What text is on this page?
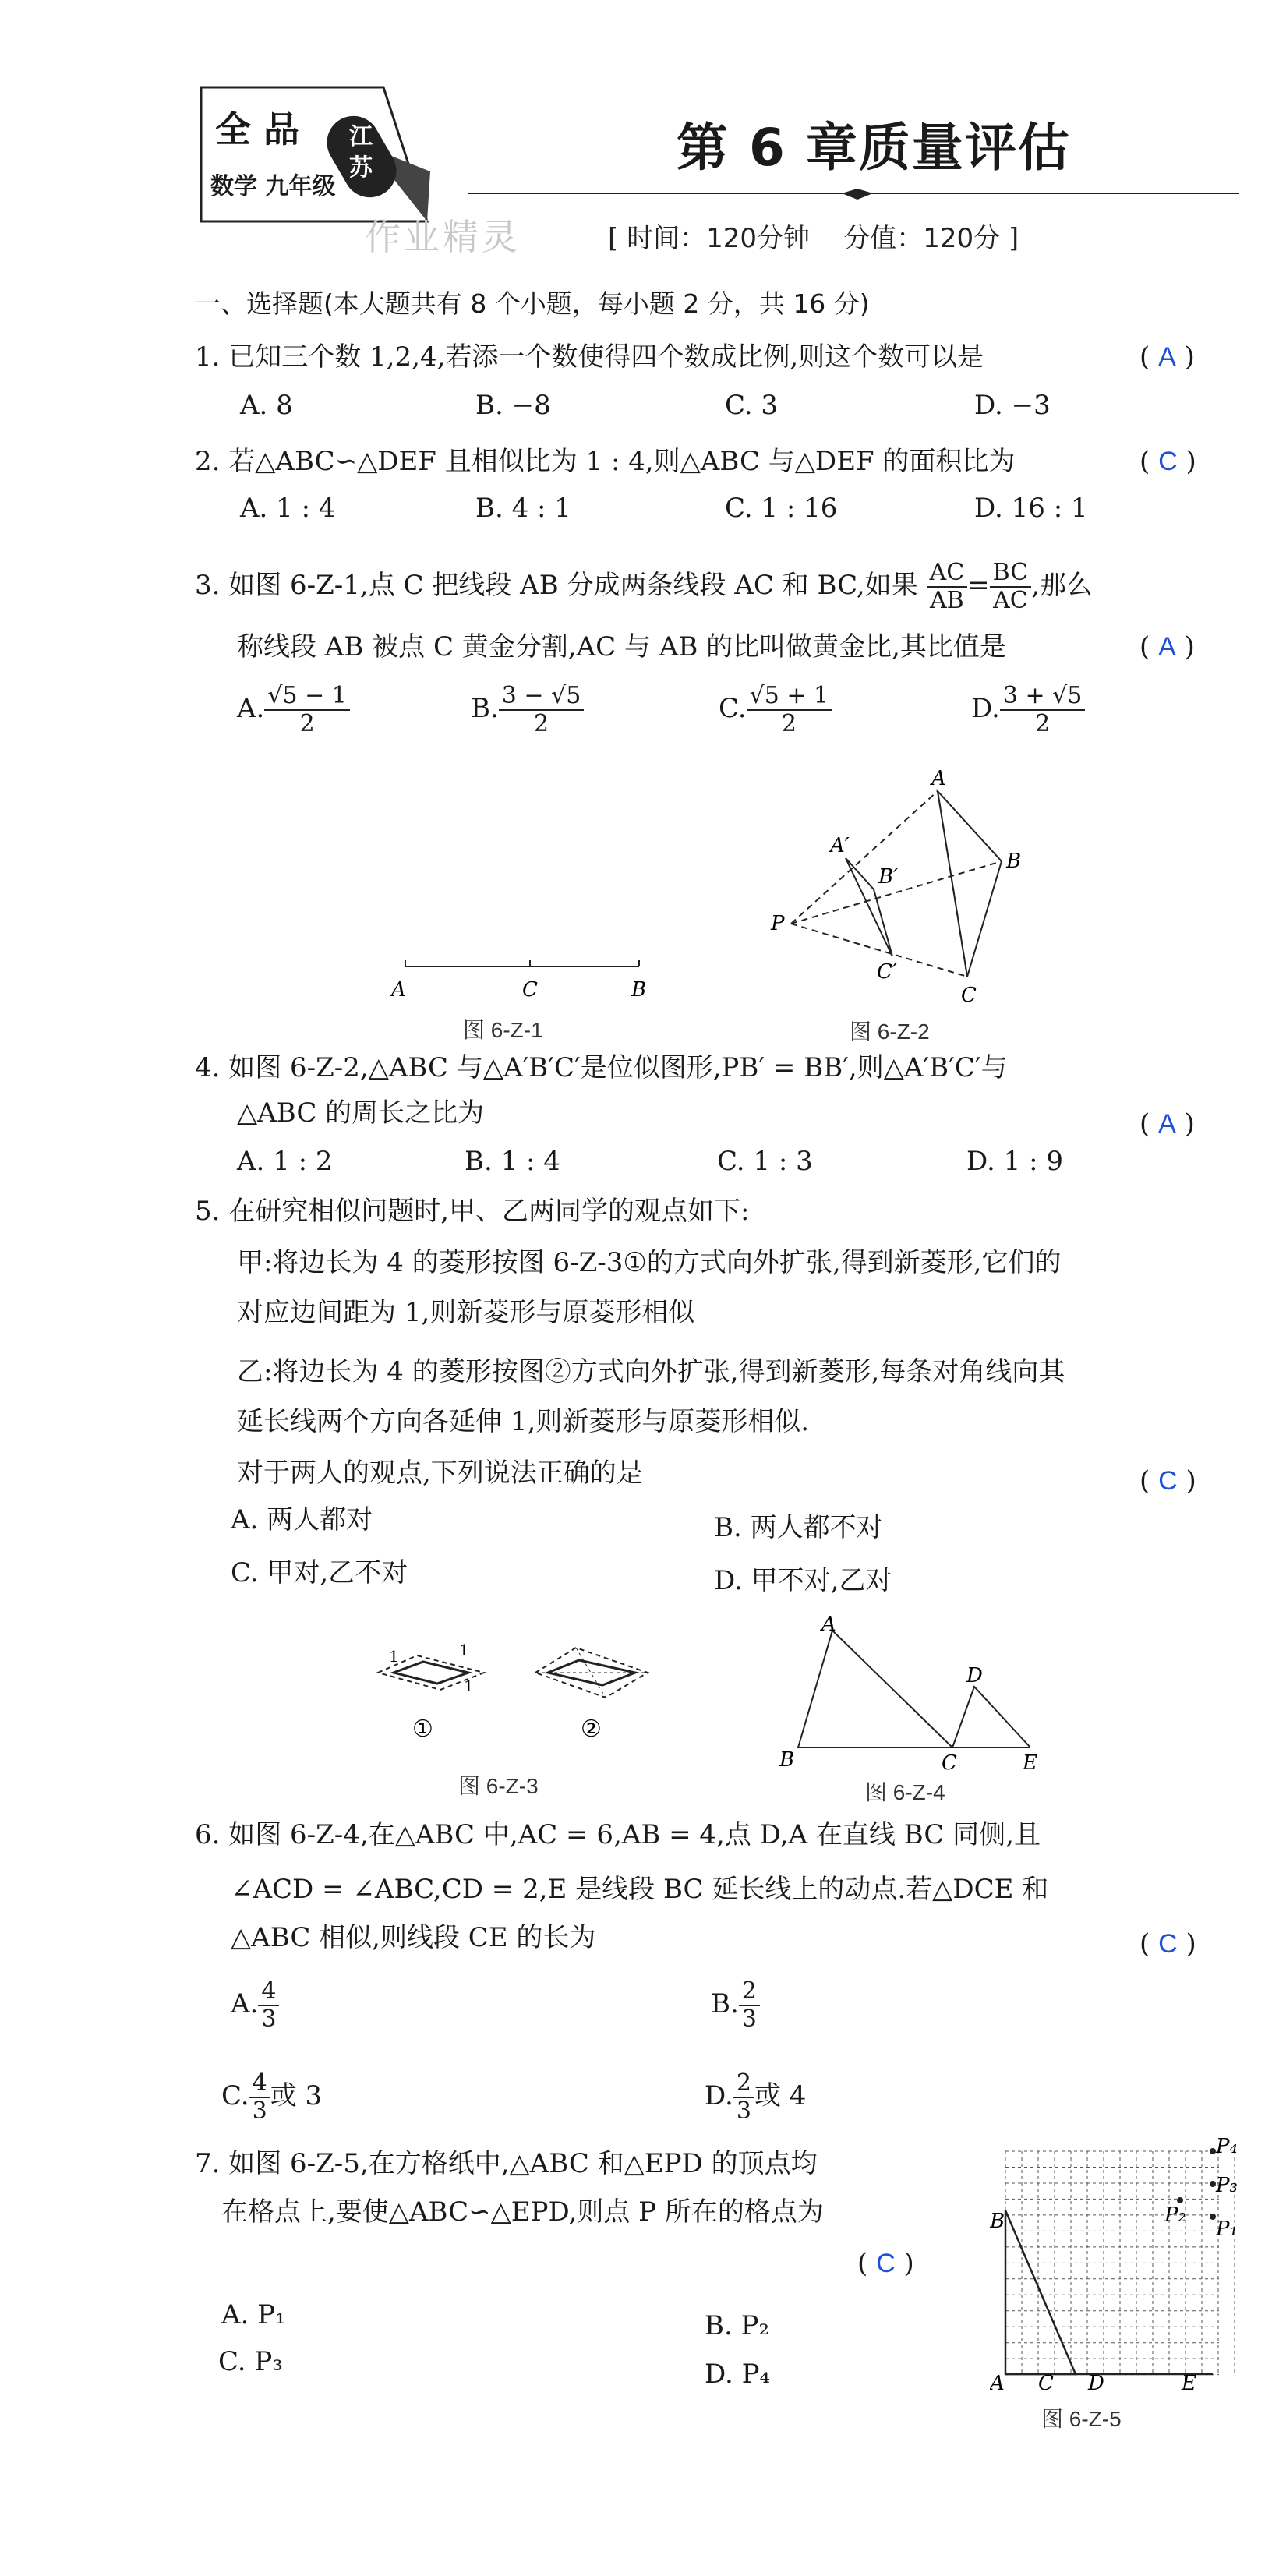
全 品
数学 九年级
江苏	第 6 章质量评估
作业精灵	[ 时间：120分钟    分值：120分 ]
一、选择题(本大题共有 8 个小题，每小题 2 分，共 16 分)
1. 已知三个数 1,2,4,若添一个数使得四个数成比例,则这个数可以是	( A )
A. 8	B. −8	C. 3	D. −3
2. 若△ABC∽△DEF 且相似比为 1 : 4,则△ABC 与△DEF 的面积比为	( C )
A. 1 : 4	B. 4 : 1	C. 1 : 16	D. 16 : 1
3. 如图 6-Z-1,点 C 把线段 AB 分成两条线段 AC 和 BC,如果 $\frac{AC}{AB} = \frac{BC}{AC}$ ,那么
称线段 AB 被点 C 黄金分割,AC 与 AB 的比叫做黄金比,其比值是	( A )
A. $\frac{√5 - 1}{2}$	B. $\frac{3 - √5}{2}$	C. $\frac{√5 + 1}{2}$	D. $\frac{3 + √5}{2}$
A	C	B
图 6-Z-1
A
B
C
A′
B′
C′
P
图 6-Z-2
4. 如图 6-Z-2,△ABC 与△A′B′C′是位似图形,PB′ = BB′,则△A′B′C′与
△ABC 的周长之比为	( A )
A. 1 : 2	B. 1 : 4	C. 1 : 3	D. 1 : 9
5. 在研究相似问题时,甲、乙两同学的观点如下:
甲:将边长为 4 的菱形按图 6-Z-3①的方式向外扩张,得到新菱形,它们的
对应边间距为 1,则新菱形与原菱形相似
乙:将边长为 4 的菱形按图②方式向外扩张,得到新菱形,每条对角线向其
延长线两个方向各延伸 1,则新菱形与原菱形相似.
对于两人的观点,下列说法正确的是	( C )
A. 两人都对	B. 两人都不对
C. 甲对,乙不对	D. 甲不对,乙对
1
1
1
①	②
图 6-Z-3
A
B	C
D
E
图 6-Z-4
6. 如图 6-Z-4,在△ABC 中,AC = 6,AB = 4,点 D,A 在直线 BC 同侧,且
∠ACD = ∠ABC,CD = 2,E 是线段 BC 延长线上的动点.若△DCE 和
△ABC 相似,则线段 CE 的长为	( C )
A. $\frac{4}{3}$	B. $\frac{2}{3}$
C. $\frac{4}{3}$ 或 3	D. $\frac{2}{3}$ 或 4
7. 如图 6-Z-5,在方格纸中,△ABC 和△EPD 的顶点均
在格点上,要使△ABC∽△EPD,则点 P 所在的格点为
( C )
A. P₁	B. P₂
C. P₃	D. P₄
P₄
P₃
P₂
P₁
B
A C D	E
图 6-Z-5
